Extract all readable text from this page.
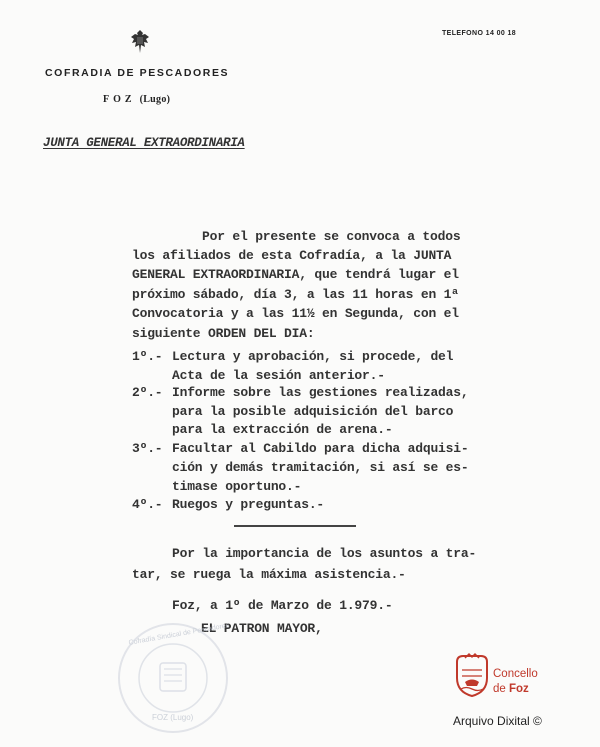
TELEFONO 14 00 18
COFRADIA DE PESCADORES
FOZ (Lugo)
JUNTA GENERAL EXTRAORDINARIA
Por el presente se convoca a todos
los afiliados de esta Cofradía, a la JUNTA
GENERAL EXTRAORDINARIA, que tendrá lugar el
próximo sábado, día 3, a las 11 horas en 1ª
Convocatoria y a las 11½ en Segunda, con el
siguiente ORDEN DEL DIA:
1º.- Lectura y aprobación, si procede, del
Acta de la sesión anterior.-
2º.- Informe sobre las gestiones realizadas,
para la posible adquisición del barco
para la extracción de arena.-
3º.- Facultar al Cabildo para dicha adquisi-
ción y demás tramitación, si así se es-
timase oportuno.-
4º.- Ruegos y preguntas.-
Por la importancia de los asuntos a tra-
tar, se ruega la máxima asistencia.-
Foz, a 1º de Marzo de 1.979.-
EL PATRON MAYOR,
Cofradía Sindical de Pescadores
FOZ (Lugo)
Concello
de Foz
Arquivo Dixital ©
